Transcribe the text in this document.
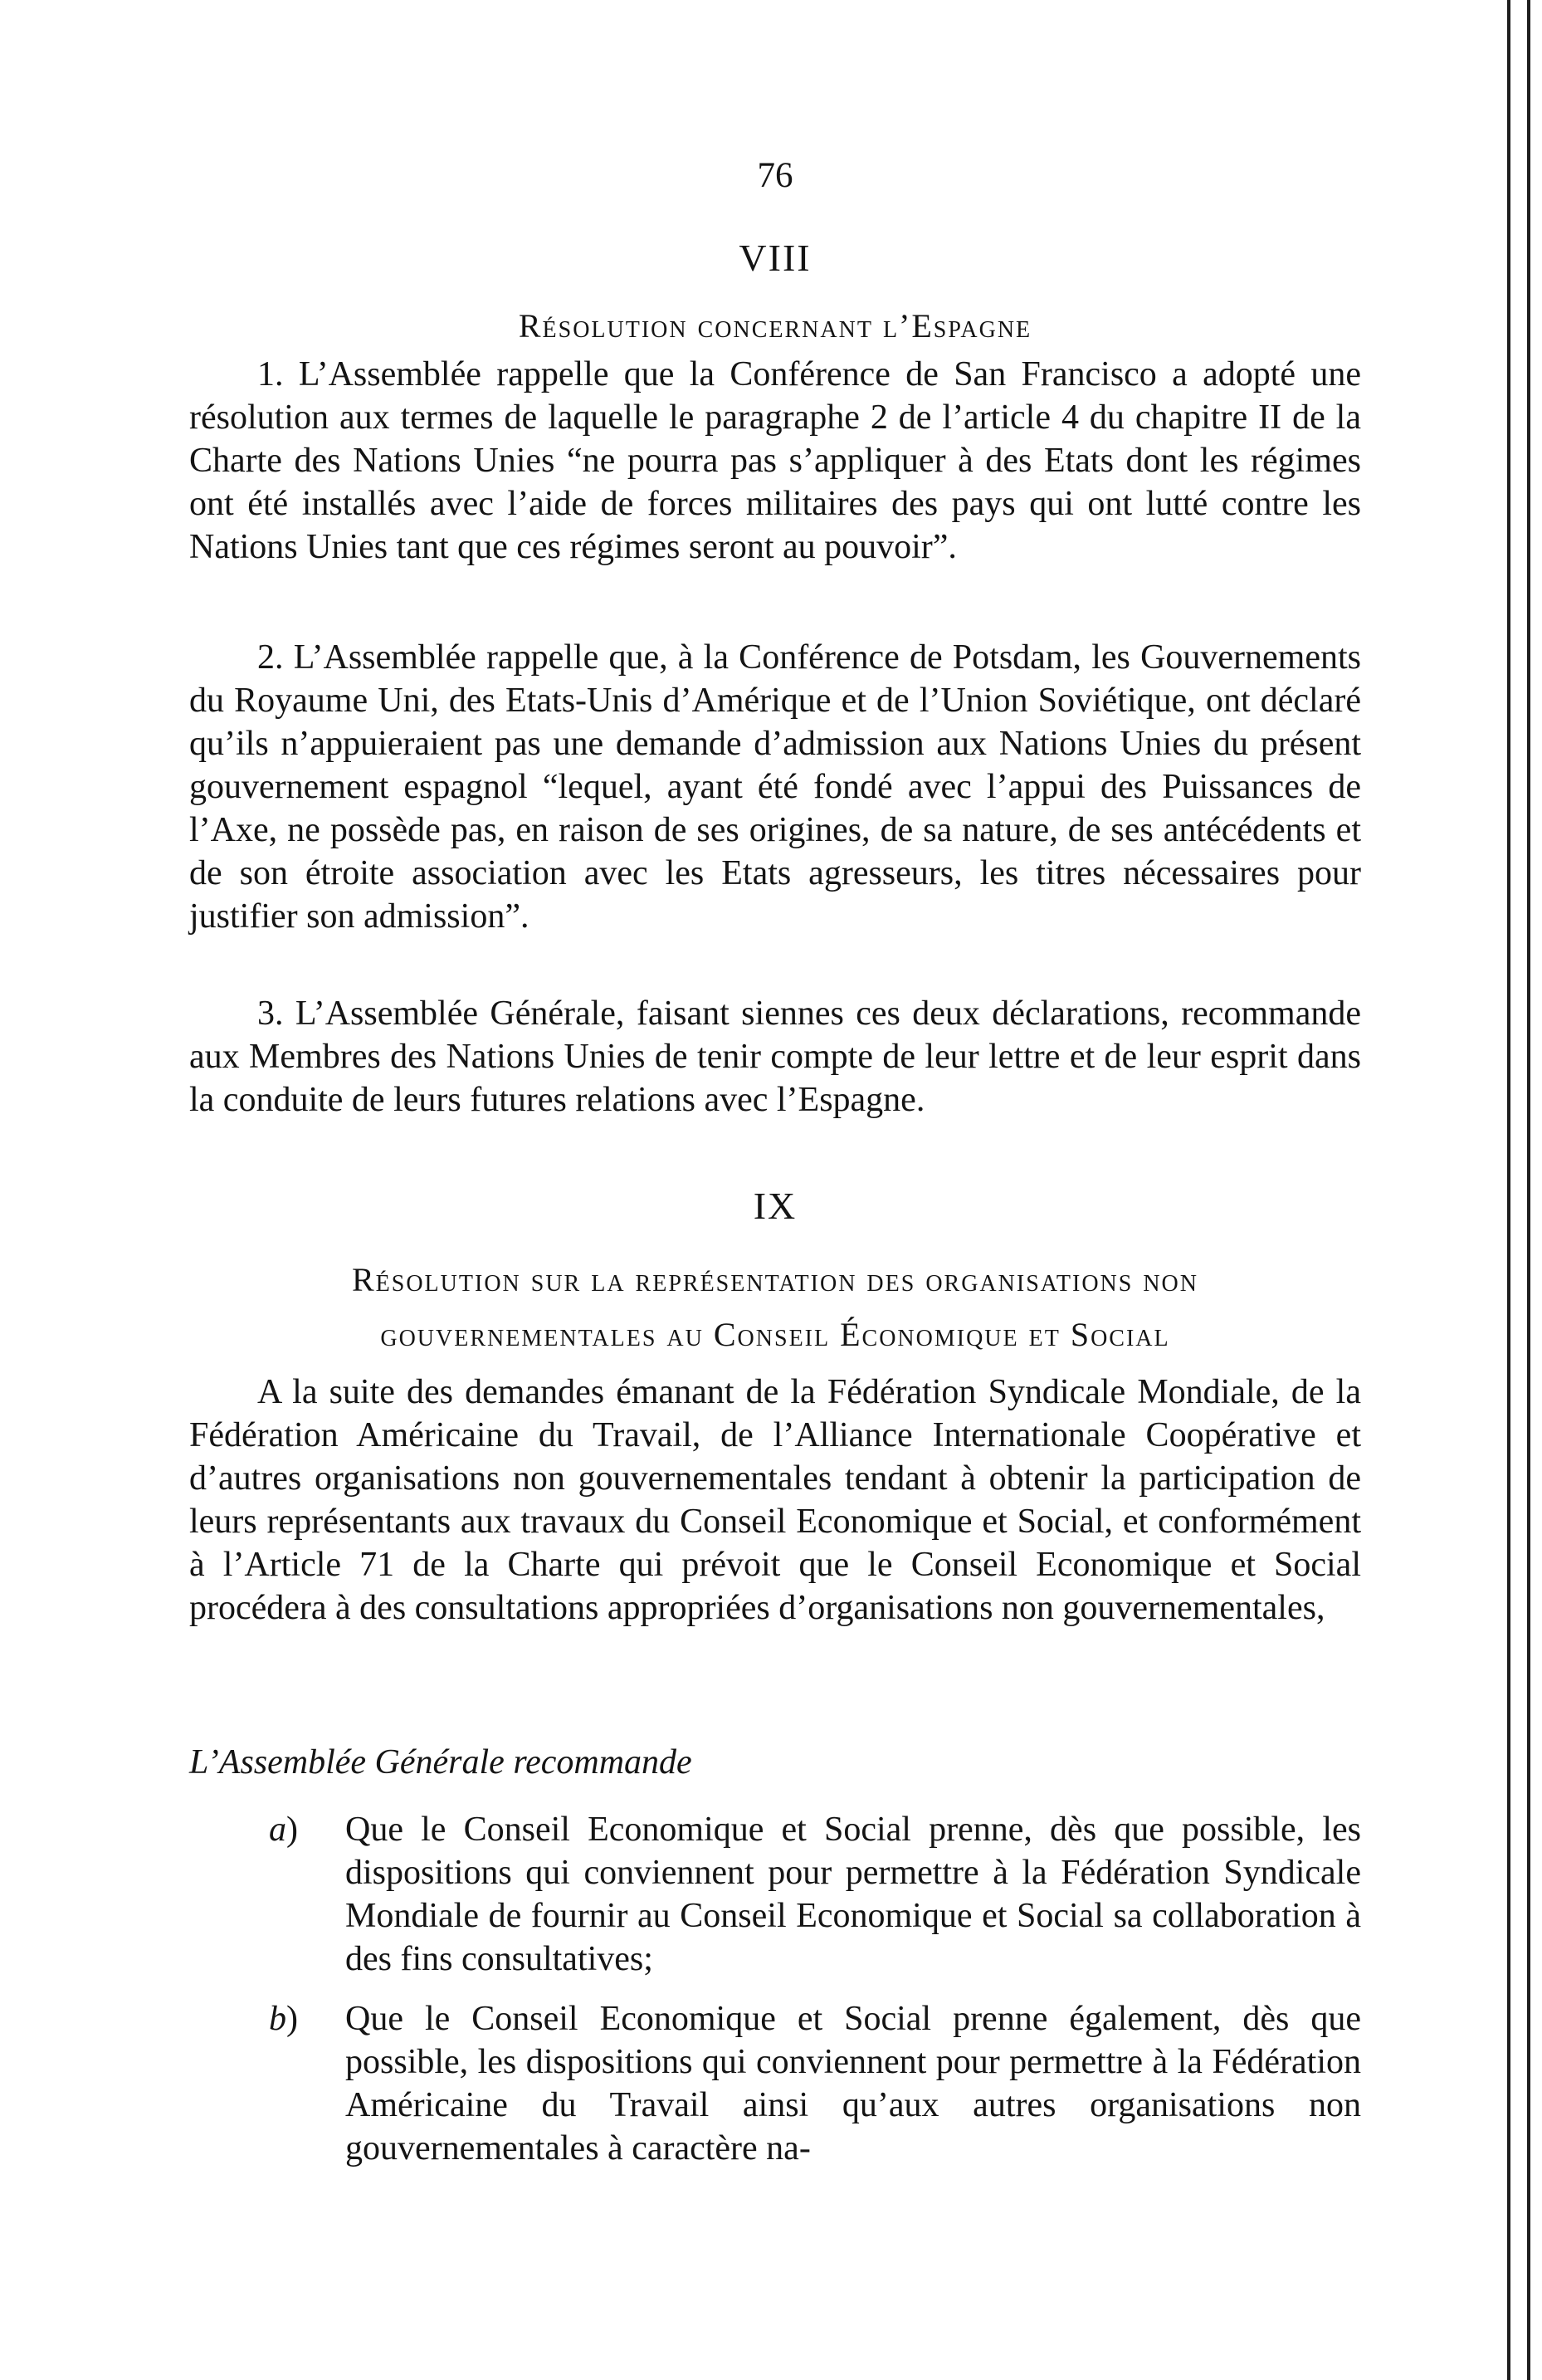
76
VIII
Résolution concernant l’Espagne

1. L’Assemblée rappelle que la Conférence de San Francisco a adopté une résolution aux termes de laquelle le paragraphe 2 de l’article 4 du chapitre II de la Charte des Nations Unies “ne pourra pas s’appliquer à des Etats dont les régimes ont été installés avec l’aide de forces militaires des pays qui ont lutté contre les Nations Unies tant que ces régimes seront au pouvoir”.

2. L’Assemblée rappelle que, à la Conférence de Potsdam, les Gouvernements du Royaume Uni, des Etats-Unis d’Amérique et de l’Union Soviétique, ont déclaré qu’ils n’appuieraient pas une demande d’admission aux Nations Unies du présent gouvernement espagnol “lequel, ayant été fondé avec l’appui des Puissances de l’Axe, ne possède pas, en raison de ses origines, de sa nature, de ses antécédents et de son étroite association avec les Etats agresseurs, les titres nécessaires pour justifier son admission”.

3. L’Assemblée Générale, faisant siennes ces deux déclarations, recommande aux Membres des Nations Unies de tenir compte de leur lettre et de leur esprit dans la conduite de leurs futures relations avec l’Espagne.

IX
Résolution sur la représentation des organisations non
gouvernementales au Conseil Économique et Social

A la suite des demandes émanant de la Fédération Syndicale Mondiale, de la Fédération Américaine du Travail, de l’Alliance Internationale Coopérative et d’autres organisations non gouvernementales tendant à obtenir la participation de leurs représentants aux travaux du Conseil Economique et Social, et conformément à l’Article 71 de la Charte qui prévoit que le Conseil Economique et Social procédera à des consultations appropriées d’organisations non gouvernementales,

L’Assemblée Générale recommande

a) Que le Conseil Economique et Social prenne, dès que possible, les dispositions qui conviennent pour permettre à la Fédération Syndicale Mondiale de fournir au Conseil Economique et Social sa collaboration à des fins consultatives;

b) Que le Conseil Economique et Social prenne également, dès que possible, les dispositions qui conviennent pour permettre à la Fédération Américaine du Travail ainsi qu’aux autres organisations non gouvernementales à caractère na-
